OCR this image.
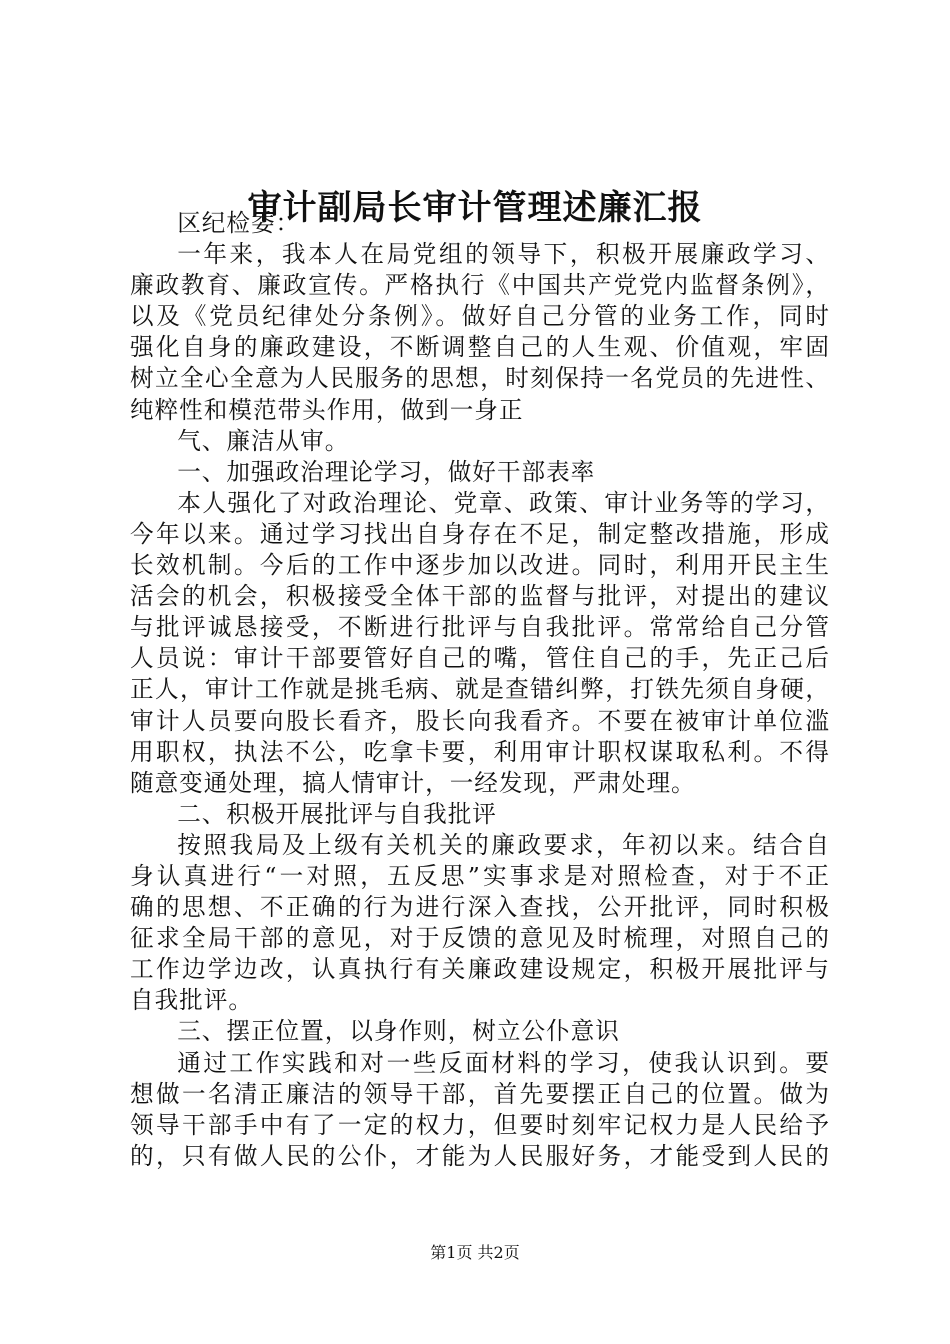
审计副局长审计管理述廉汇报
区纪检委：
一年来，我本人在局党组的领导下，积极开展廉政学习、
廉政教育、廉政宣传。严格执行《中国共产党党内监督条例》，
以及《党员纪律处分条例》。做好自己分管的业务工作，同时
强化自身的廉政建设，不断调整自己的人生观、价值观，牢固
树立全心全意为人民服务的思想，时刻保持一名党员的先进性、
纯粹性和模范带头作用，做到一身正
气、廉洁从审。
一、加强政治理论学习，做好干部表率
本人强化了对政治理论、党章、政策、审计业务等的学习，
今年以来。通过学习找出自身存在不足，制定整改措施，形成
长效机制。今后的工作中逐步加以改进。同时，利用开民主生
活会的机会，积极接受全体干部的监督与批评，对提出的建议
与批评诚恳接受，不断进行批评与自我批评。常常给自己分管
人员说：审计干部要管好自己的嘴，管住自己的手，先正己后
正人，审计工作就是挑毛病、就是查错纠弊，打铁先须自身硬，
审计人员要向股长看齐，股长向我看齐。不要在被审计单位滥
用职权，执法不公，吃拿卡要，利用审计职权谋取私利。不得
随意变通处理，搞人情审计，一经发现，严肃处理。
二、积极开展批评与自我批评
按照我局及上级有关机关的廉政要求，年初以来。结合自
身认真进行“一对照，五反思”实事求是对照检查，对于不正
确的思想、不正确的行为进行深入查找，公开批评，同时积极
征求全局干部的意见，对于反馈的意见及时梳理，对照自己的
工作边学边改，认真执行有关廉政建设规定，积极开展批评与
自我批评。
三、摆正位置，以身作则，树立公仆意识
通过工作实践和对一些反面材料的学习，使我认识到。要
想做一名清正廉洁的领导干部，首先要摆正自己的位置。做为
领导干部手中有了一定的权力，但要时刻牢记权力是人民给予
的，只有做人民的公仆，才能为人民服好务，才能受到人民的
第1页 共2页
